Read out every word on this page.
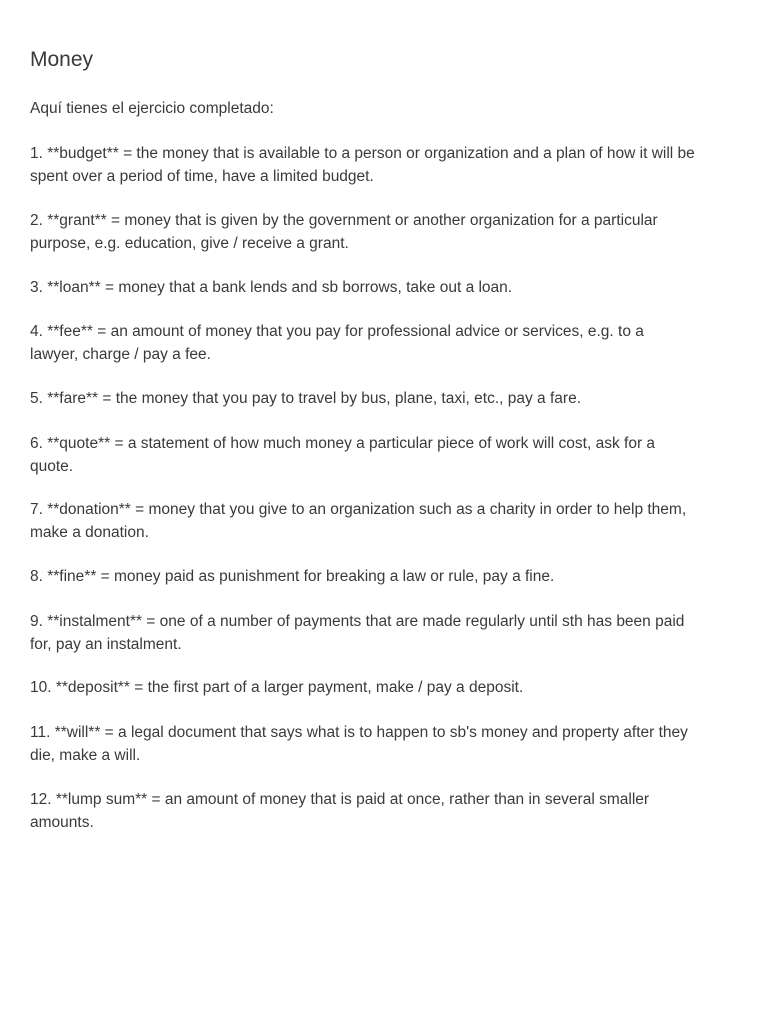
Money

Aquí tienes el ejercicio completado:

1. **budget** = the money that is available to a person or organization and a plan of how it will be
spent over a period of time, have a limited budget.
2. **grant** = money that is given by the government or another organization for a particular
purpose, e.g. education, give / receive a grant.
3. **loan** = money that a bank lends and sb borrows, take out a loan.
4. **fee** = an amount of money that you pay for professional advice or services, e.g. to a
lawyer, charge / pay a fee.
5. **fare** = the money that you pay to travel by bus, plane, taxi, etc., pay a fare.
6. **quote** = a statement of how much money a particular piece of work will cost, ask for a
quote.
7. **donation** = money that you give to an organization such as a charity in order to help them,
make a donation.
8. **fine** = money paid as punishment for breaking a law or rule, pay a fine.
9. **instalment** = one of a number of payments that are made regularly until sth has been paid
for, pay an instalment.
10. **deposit** = the first part of a larger payment, make / pay a deposit.
11. **will** = a legal document that says what is to happen to sb's money and property after they
die, make a will.
12. **lump sum** = an amount of money that is paid at once, rather than in several smaller
amounts.
